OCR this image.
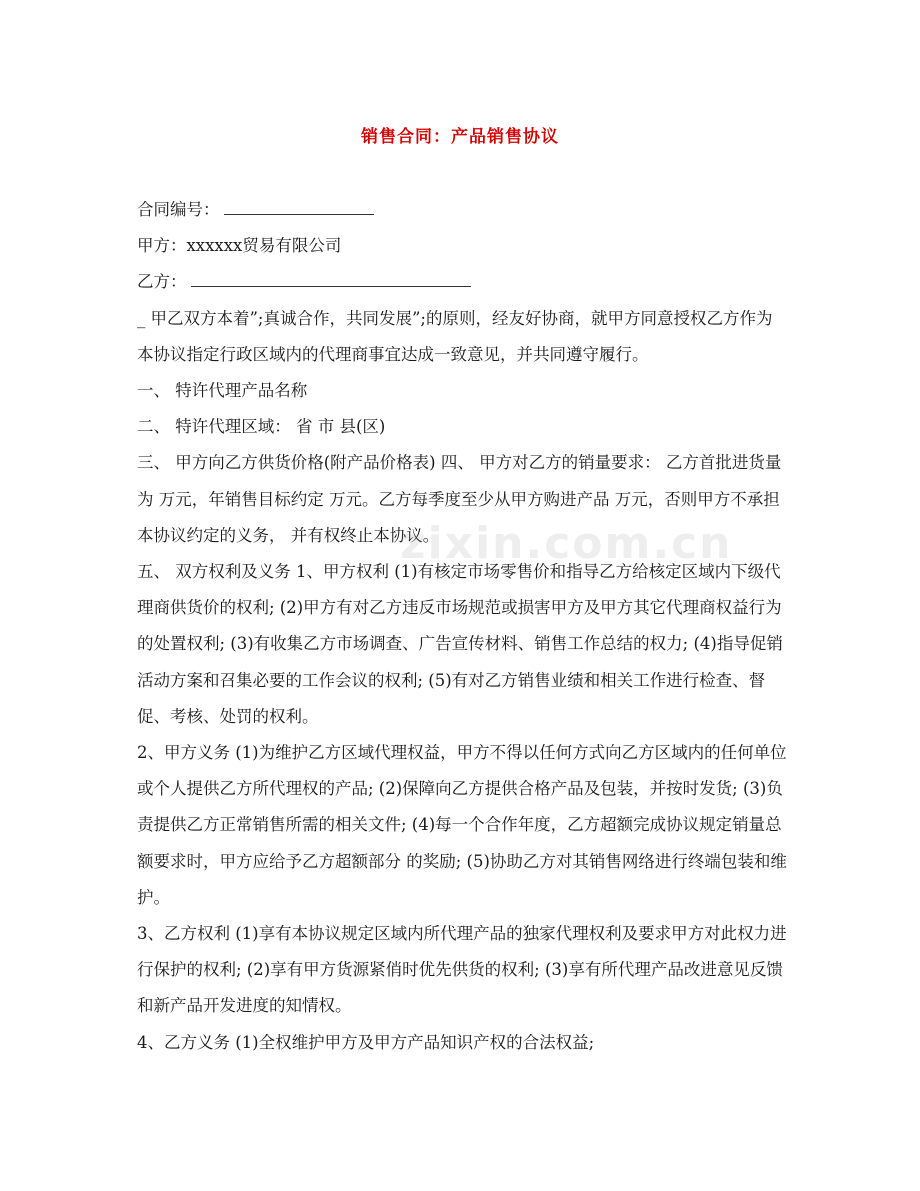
销售合同：产品销售协议

合同编号：

甲方：xxxxxx贸易有限公司

乙方：

_ 甲乙双方本着”;真诚合作，共同发展”;的原则，经友好协商，就甲方同意授权乙方作为本协议指定行政区域内的代理商事宜达成一致意见，并共同遵守履行。

一、 特许代理产品名称

二、 特许代理区域： 省 市 县(区)

三、 甲方向乙方供货价格(附产品价格表) 四、 甲方对乙方的销量要求： 乙方首批进货量为 万元，年销售目标约定 万元。乙方每季度至少从甲方购进产品 万元，否则甲方不承担本协议约定的义务， 并有权终止本协议。

五、 双方权利及义务 1、甲方权利 (1)有核定市场零售价和指导乙方给核定区域内下级代理商供货价的权利; (2)甲方有对乙方违反市场规范或损害甲方及甲方其它代理商权益行为的处置权利; (3)有收集乙方市场调查、广告宣传材料、销售工作总结的权力; (4)指导促销活动方案和召集必要的工作会议的权利; (5)有对乙方销售业绩和相关工作进行检查、督促、考核、处罚的权利。

2、甲方义务 (1)为维护乙方区域代理权益，甲方不得以任何方式向乙方区域内的任何单位或个人提供乙方所代理权的产品; (2)保障向乙方提供合格产品及包装，并按时发货; (3)负责提供乙方正常销售所需的相关文件; (4)每一个合作年度，乙方超额完成协议规定销量总额要求时，甲方应给予乙方超额部分 的奖励; (5)协助乙方对其销售网络进行终端包装和维护。

3、乙方权利 (1)享有本协议规定区域内所代理产品的独家代理权利及要求甲方对此权力进行保护的权利; (2)享有甲方货源紧俏时优先供货的权利; (3)享有所代理产品改进意见反馈和新产品开发进度的知情权。

4、乙方义务 (1)全权维护甲方及甲方产品知识产权的合法权益;

zixin.com.cn
